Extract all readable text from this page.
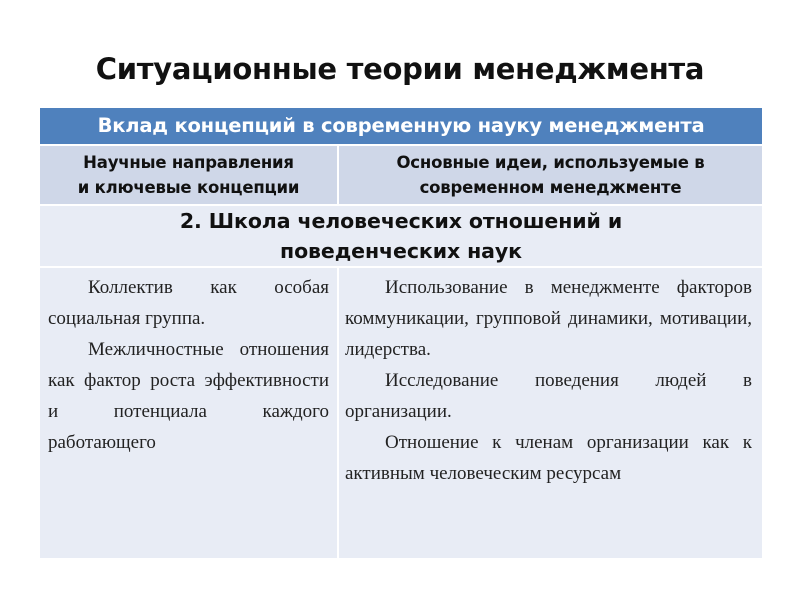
Ситуационные теории менеджмента
Вклад концепций в современную науку менеджмента
Научные направления
и ключевые концепции
Основные идеи, используемые в
современном менеджменте
2. Школа человеческих отношений и
поведенческих наук

Коллектив как особая социальная группа.

Межличностные отношения как фактор роста эффективности и потенциала каждого работающего

Использование в менеджменте факторов коммуникации, групповой динамики, мотивации, лидерства.

Исследование поведения людей в организации.

Отношение к членам организации как к активным человеческим ресурсам
